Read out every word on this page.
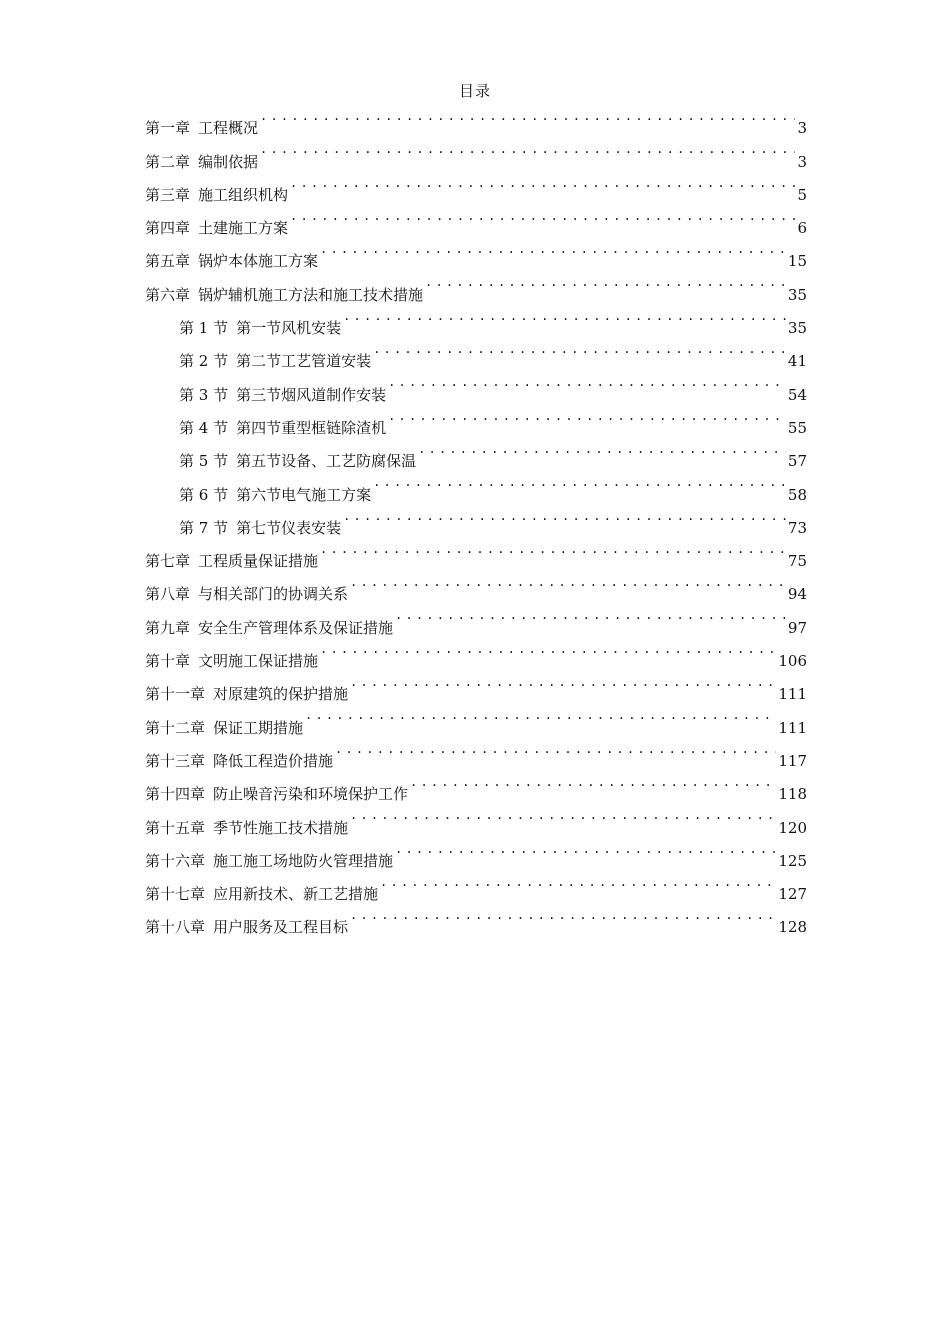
目录
第一章 工程概况 .....	3
第二章 编制依据 .....	3
第三章 施工组织机构 .....	5
第四章 土建施工方案 .....	6
第五章 锅炉本体施工方案 .....	15
第六章 锅炉辅机施工方法和施工技术措施 .....	35
第 1 节 第一节风机安装 .....	35
第 2 节 第二节工艺管道安装 .....	41
第 3 节 第三节烟风道制作安装 .....	54
第 4 节 第四节重型框链除渣机 .....	55
第 5 节 第五节设备、工艺防腐保温 .....	57
第 6 节 第六节电气施工方案 .....	58
第 7 节 第七节仪表安装 .....	73
第七章 工程质量保证措施 .....	75
第八章 与相关部门的协调关系 .....	94
第九章 安全生产管理体系及保证措施 .....	97
第十章 文明施工保证措施 .....	106
第十一章 对原建筑的保护措施 .....	111
第十二章 保证工期措施 .....	111
第十三章 降低工程造价措施 .....	117
第十四章 防止噪音污染和环境保护工作 .....	118
第十五章 季节性施工技术措施 .....	120
第十六章 施工施工场地防火管理措施 .....	125
第十七章 应用新技术、新工艺措施 .....	127
第十八章 用户服务及工程目标 .....	128
